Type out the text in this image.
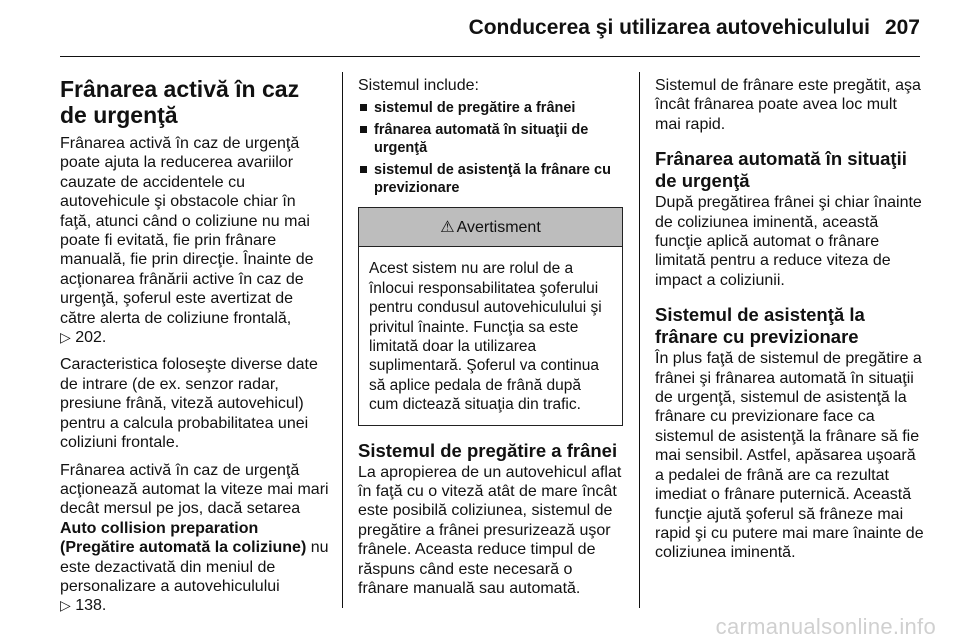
Conducerea şi utilizarea autovehiculului 207
Frânarea activă în caz de urgenţă

Frânarea activă în caz de urgenţă poate ajuta la reducerea avariilor cauzate de accidentele cu autovehicule şi obstacole chiar în faţă, atunci când o coliziune nu mai poate fi evitată, fie prin frânare manuală, fie prin direcţie. Înainte de acţionarea frânării active în caz de urgenţă, şoferul este avertizat de către alerta de coliziune frontală,
▷ 202.

Caracteristica foloseşte diverse date de intrare (de ex. senzor radar, presiune frână, viteză autovehicul) pentru a calcula probabilitatea unei coliziuni frontale.

Frânarea activă în caz de urgenţă acţionează automat la viteze mai mari decât mersul pe jos, dacă setarea Auto collision preparation (Pregătire automată la coliziune) nu este dezactivată din meniul de personalizare a autovehiculului
▷ 138.

Sistemul include:

sistemul de pregătire a frânei
frânarea automată în situaţii de urgenţă
sistemul de asistenţă la frânare cu previzionare
⚠ Avertisment
Acest sistem nu are rolul de a înlocui responsabilitatea şoferului pentru condusul autovehiculului şi privitul înainte. Funcţia sa este limitată doar la utilizarea suplimentară. Şoferul va continua să aplice pedala de frână după cum dictează situaţia din trafic.
Sistemul de pregătire a frânei

La apropierea de un autovehicul aflat în faţă cu o viteză atât de mare încât este posibilă coliziunea, sistemul de pregătire a frânei presurizează uşor frânele. Aceasta reduce timpul de răspuns când este necesară o frânare manuală sau automată.

Sistemul de frânare este pregătit, aşa încât frânarea poate avea loc mult mai rapid.

Frânarea automată în situaţii de urgenţă

După pregătirea frânei şi chiar înainte de coliziunea iminentă, această funcţie aplică automat o frânare limitată pentru a reduce viteza de impact a coliziunii.

Sistemul de asistenţă la frânare cu previzionare

În plus faţă de sistemul de pregătire a frânei şi frânarea automată în situaţii de urgenţă, sistemul de asistenţă la frânare cu previzionare face ca sistemul de asistenţă la frânare să fie mai sensibil. Astfel, apăsarea uşoară a pedalei de frână are ca rezultat imediat o frânare puternică. Această funcţie ajută şoferul să frâneze mai rapid şi cu putere mai mare înainte de coliziunea iminentă.

carmanualsonline.info
